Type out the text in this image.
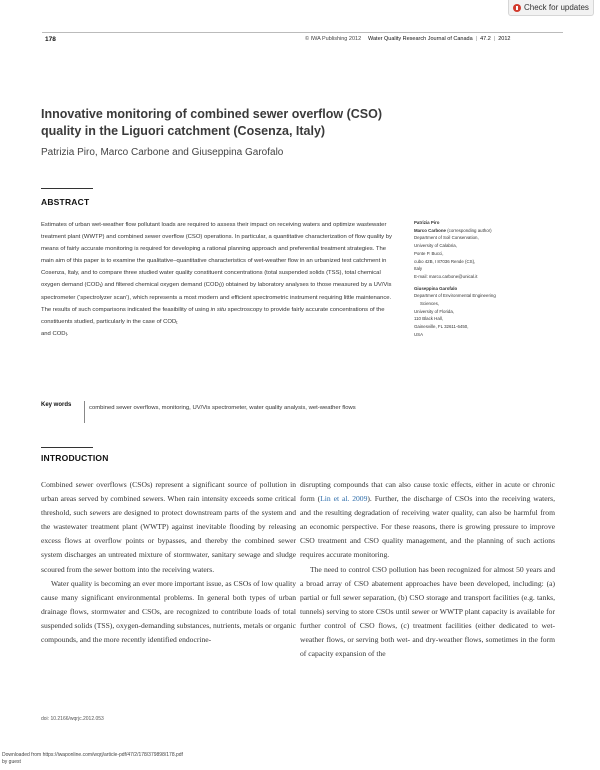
Check for updates
178	© IWA Publishing 2012 Water Quality Research Journal of Canada | 47.2 | 2012
Innovative monitoring of combined sewer overflow (CSO)
quality in the Liguori catchment (Cosenza, Italy)
Patrizia Piro, Marco Carbone and Giuseppina Garofalo
ABSTRACT

Estimates of urban wet-weather flow pollutant loads are required to assess their impact on receiving waters and optimize wastewater treatment plant (WWTP) and combined sewer overflow (CSO) operations. In particular, a quantitative characterization of flow quality by means of fairly accurate monitoring is required for developing a rational planning approach and preferential treatment strategies. The main aim of this paper is to examine the qualitative–quantitative characteristics of wet-weather flow in an urbanized test catchment in Cosenza, Italy, and to compare three studied water quality constituent concentrations (total suspended solids (TSS), total chemical oxygen demand $(COD_t)$ and filtered chemical oxygen demand $(COD_f)$) obtained by laboratory analyses to those measured by a UV/Vis spectrometer (‘spectrolyzer scan’), which represents a most modern and efficient spectrometric instrument requiring little maintenance. The results of such comparisons indicated the feasibility of using in situ spectroscopy to provide fairly accurate concentrations of the constituents studied, particularly in the case of $COD_t$
and $COD_f$.

Key words	combined sewer overflows, monitoring, UV/Vis spectrometer, water quality analysis, wet-weather flows

Patrizia Piro
Marco Carbone (corresponding author)
Department of Soil Conservation,
University of Calabria,
Ponte P. Bucci,
cubo 42B, I 87036 Rende (CS),
Italy
E-mail: marco.carbone@unical.it
Giuseppina Garofalo
Department of Environmental Engineering
Sciences,
University of Florida,
110 Black Hall,
Gainesville, FL 32611-6450,
USA
INTRODUCTION

Combined sewer overflows (CSOs) represent a significant source of pollution in urban areas served by combined sewers. When rain intensity exceeds some critical threshold, such sewers are designed to protect downstream parts of the system and the wastewater treatment plant (WWTP) against inevitable flooding by releasing excess flows at overflow points or bypasses, and thereby the combined sewer system discharges an untreated mixture of stormwater, sanitary sewage and sludge scoured from the sewer bottom into the receiving waters.

Water quality is becoming an ever more important issue, as CSOs of low quality cause many significant environmental problems. In general both types of urban drainage flows, stormwater and CSOs, are recognized to contribute loads of total suspended solids (TSS), oxygen-demanding substances, nutrients, metals or organic compounds, and the more recently identified endocrine-

disrupting compounds that can also cause toxic effects, either in acute or chronic form (Lin et al. 2009). Further, the discharge of CSOs into the receiving waters, and the resulting degradation of receiving water quality, can also be harmful from an economic perspective. For these reasons, there is growing pressure to improve CSO treatment and CSO quality management, and the planning of such actions requires accurate monitoring.

The need to control CSO pollution has been recognized for almost 50 years and a broad array of CSO abatement approaches have been developed, including: (a) partial or full sewer separation, (b) CSO storage and transport facilities (e.g. tanks, tunnels) serving to store CSOs until sewer or WWTP plant capacity is available for further control of CSO flows, (c) treatment facilities (either dedicated to wet-weather flows, or serving both wet- and dry-weather flows, sometimes in the form of capacity expansion of the

doi: 10.2166/wqrjc.2012.053
Downloaded from https://iwaponline.com/wqrj/article-pdf/47/2/178/379898/178.pdf
by guest
